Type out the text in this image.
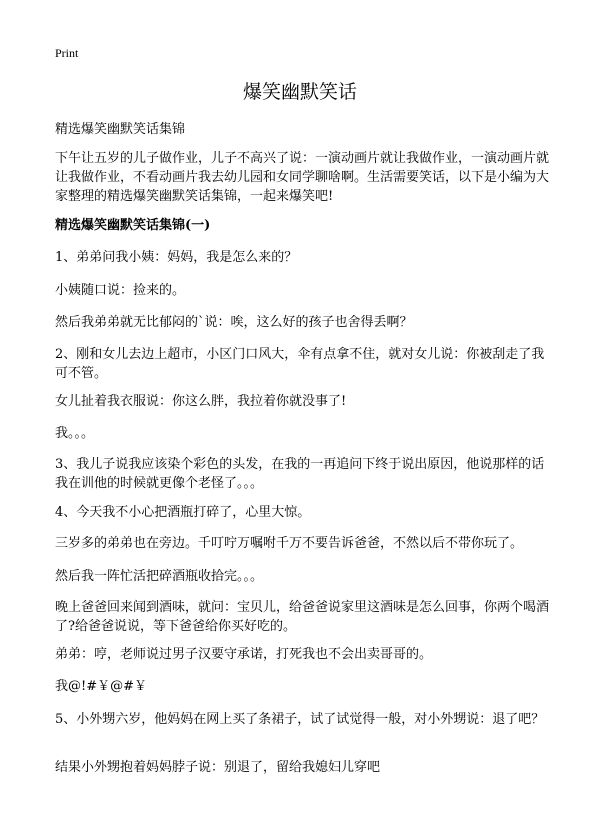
Print
爆笑幽默笑话
精选爆笑幽默笑话集锦
下午让五岁的儿子做作业，儿子不高兴了说：一演动画片就让我做作业，一演动画片就让我做作业，不看动画片我去幼儿园和女同学聊啥啊。生活需要笑话，以下是小编为大家整理的精选爆笑幽默笑话集锦，一起来爆笑吧!
精选爆笑幽默笑话集锦(一)
1、弟弟问我小姨：妈妈，我是怎么来的？
小姨随口说：捡来的。
然后我弟弟就无比郁闷的`说：唉，这么好的孩子也舍得丢啊？
2、刚和女儿去边上超市，小区门口风大，伞有点拿不住，就对女儿说：你被刮走了我可不管。
女儿扯着我衣服说：你这么胖，我拉着你就没事了!
我。。。
3、我儿子说我应该染个彩色的头发，在我的一再追问下终于说出原因，他说那样的话我在训他的时候就更像个老怪了。。。
4、今天我不小心把酒瓶打碎了，心里大惊。
三岁多的弟弟也在旁边。千叮咛万嘱咐千万不要告诉爸爸，不然以后不带你玩了。
然后我一阵忙活把碎酒瓶收拾完。。。
晚上爸爸回来闻到酒味，就问：宝贝儿，给爸爸说家里这酒味是怎么回事，你两个喝酒了?给爸爸说说，等下爸爸给你买好吃的。
弟弟：哼，老师说过男子汉要守承诺，打死我也不会出卖哥哥的。
我@!#￥@#￥
5、小外甥六岁，他妈妈在网上买了条裙子，试了试觉得一般，对小外甥说：退了吧？
结果小外甥抱着妈妈脖子说：别退了，留给我媳妇儿穿吧
